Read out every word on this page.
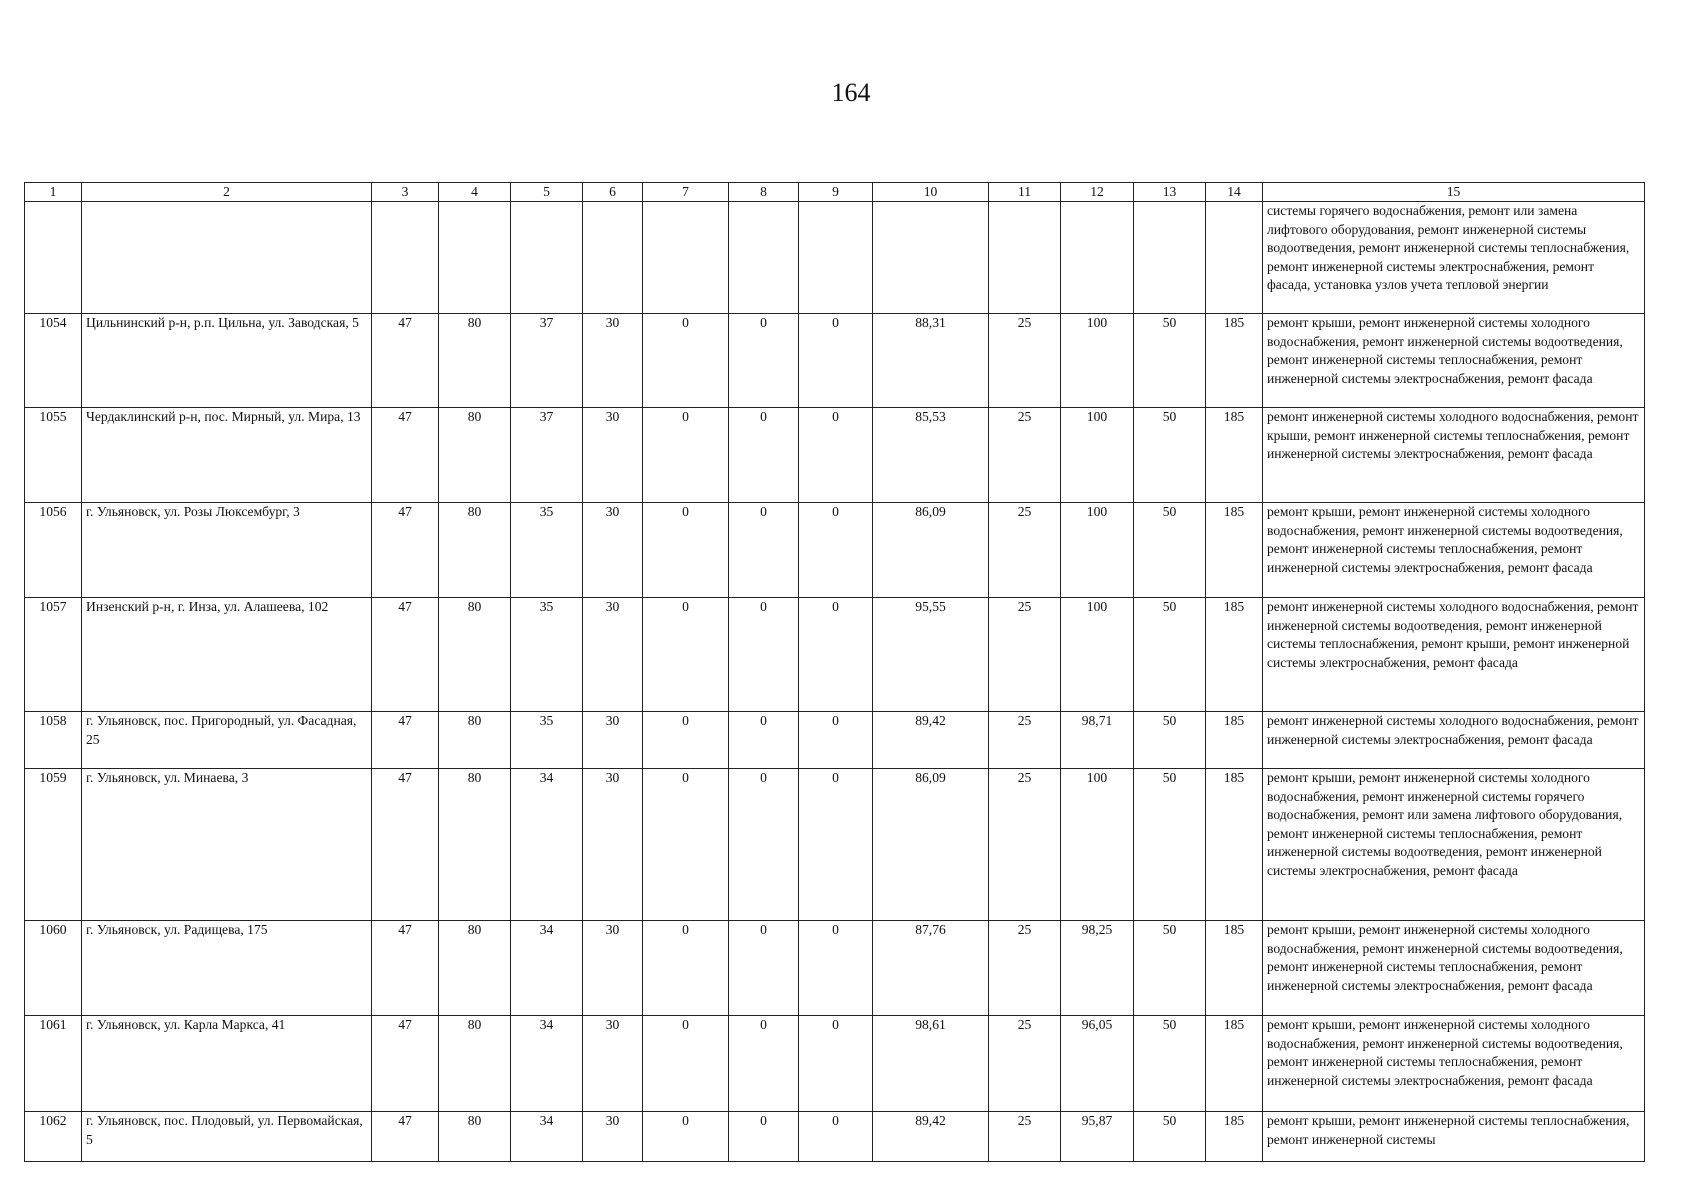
164
1	2	3	4	5	6	7	8	9	10	11	12	13	14	15
														системы горячего водоснабжения, ремонт или замена лифтового оборудования, ремонт инженерной системы водоотведения, ремонт инженерной системы теплоснабжения, ремонт инженерной системы электроснабжения, ремонт фасада, установка узлов учета тепловой энергии
1054	Цильнинский р-н, р.п. Цильна, ул. Заводская, 5	47	80	37	30	0	0	0	88,31	25	100	50	185	ремонт крыши, ремонт инженерной системы холодного водоснабжения, ремонт инженерной системы водоотведения, ремонт инженерной системы теплоснабжения, ремонт инженерной системы электроснабжения, ремонт фасада
1055	Чердаклинский р-н, пос. Мирный, ул. Мира, 13	47	80	37	30	0	0	0	85,53	25	100	50	185	ремонт инженерной системы холодного водоснабжения, ремонт крыши, ремонт инженерной системы теплоснабжения, ремонт инженерной системы электроснабжения, ремонт фасада
1056	г. Ульяновск, ул. Розы Люксембург, 3	47	80	35	30	0	0	0	86,09	25	100	50	185	ремонт крыши, ремонт инженерной системы холодного водоснабжения, ремонт инженерной системы водоотведения, ремонт инженерной системы теплоснабжения, ремонт инженерной системы электроснабжения, ремонт фасада
1057	Инзенский р-н, г. Инза, ул. Алашеева, 102	47	80	35	30	0	0	0	95,55	25	100	50	185	ремонт инженерной системы холодного водоснабжения, ремонт инженерной системы водоотведения, ремонт инженерной системы теплоснабжения, ремонт крыши, ремонт инженерной системы электроснабжения, ремонт фасада
1058	г. Ульяновск, пос. Пригородный, ул. Фасадная, 25	47	80	35	30	0	0	0	89,42	25	98,71	50	185	ремонт инженерной системы холодного водоснабжения, ремонт инженерной системы электроснабжения, ремонт фасада
1059	г. Ульяновск, ул. Минаева, 3	47	80	34	30	0	0	0	86,09	25	100	50	185	ремонт крыши, ремонт инженерной системы холодного водоснабжения, ремонт инженерной системы горячего водоснабжения, ремонт или замена лифтового оборудования, ремонт инженерной системы теплоснабжения, ремонт инженерной системы водоотведения, ремонт инженерной системы электроснабжения, ремонт фасада
1060	г. Ульяновск, ул. Радищева, 175	47	80	34	30	0	0	0	87,76	25	98,25	50	185	ремонт крыши, ремонт инженерной системы холодного водоснабжения, ремонт инженерной системы водоотведения, ремонт инженерной системы теплоснабжения, ремонт инженерной системы электроснабжения, ремонт фасада
1061	г. Ульяновск, ул. Карла Маркса, 41	47	80	34	30	0	0	0	98,61	25	96,05	50	185	ремонт крыши, ремонт инженерной системы холодного водоснабжения, ремонт инженерной системы водоотведения, ремонт инженерной системы теплоснабжения, ремонт инженерной системы электроснабжения, ремонт фасада
1062	г. Ульяновск, пос. Плодовый, ул. Первомайская, 5	47	80	34	30	0	0	0	89,42	25	95,87	50	185	ремонт крыши, ремонт инженерной системы теплоснабжения, ремонт инженерной системы
